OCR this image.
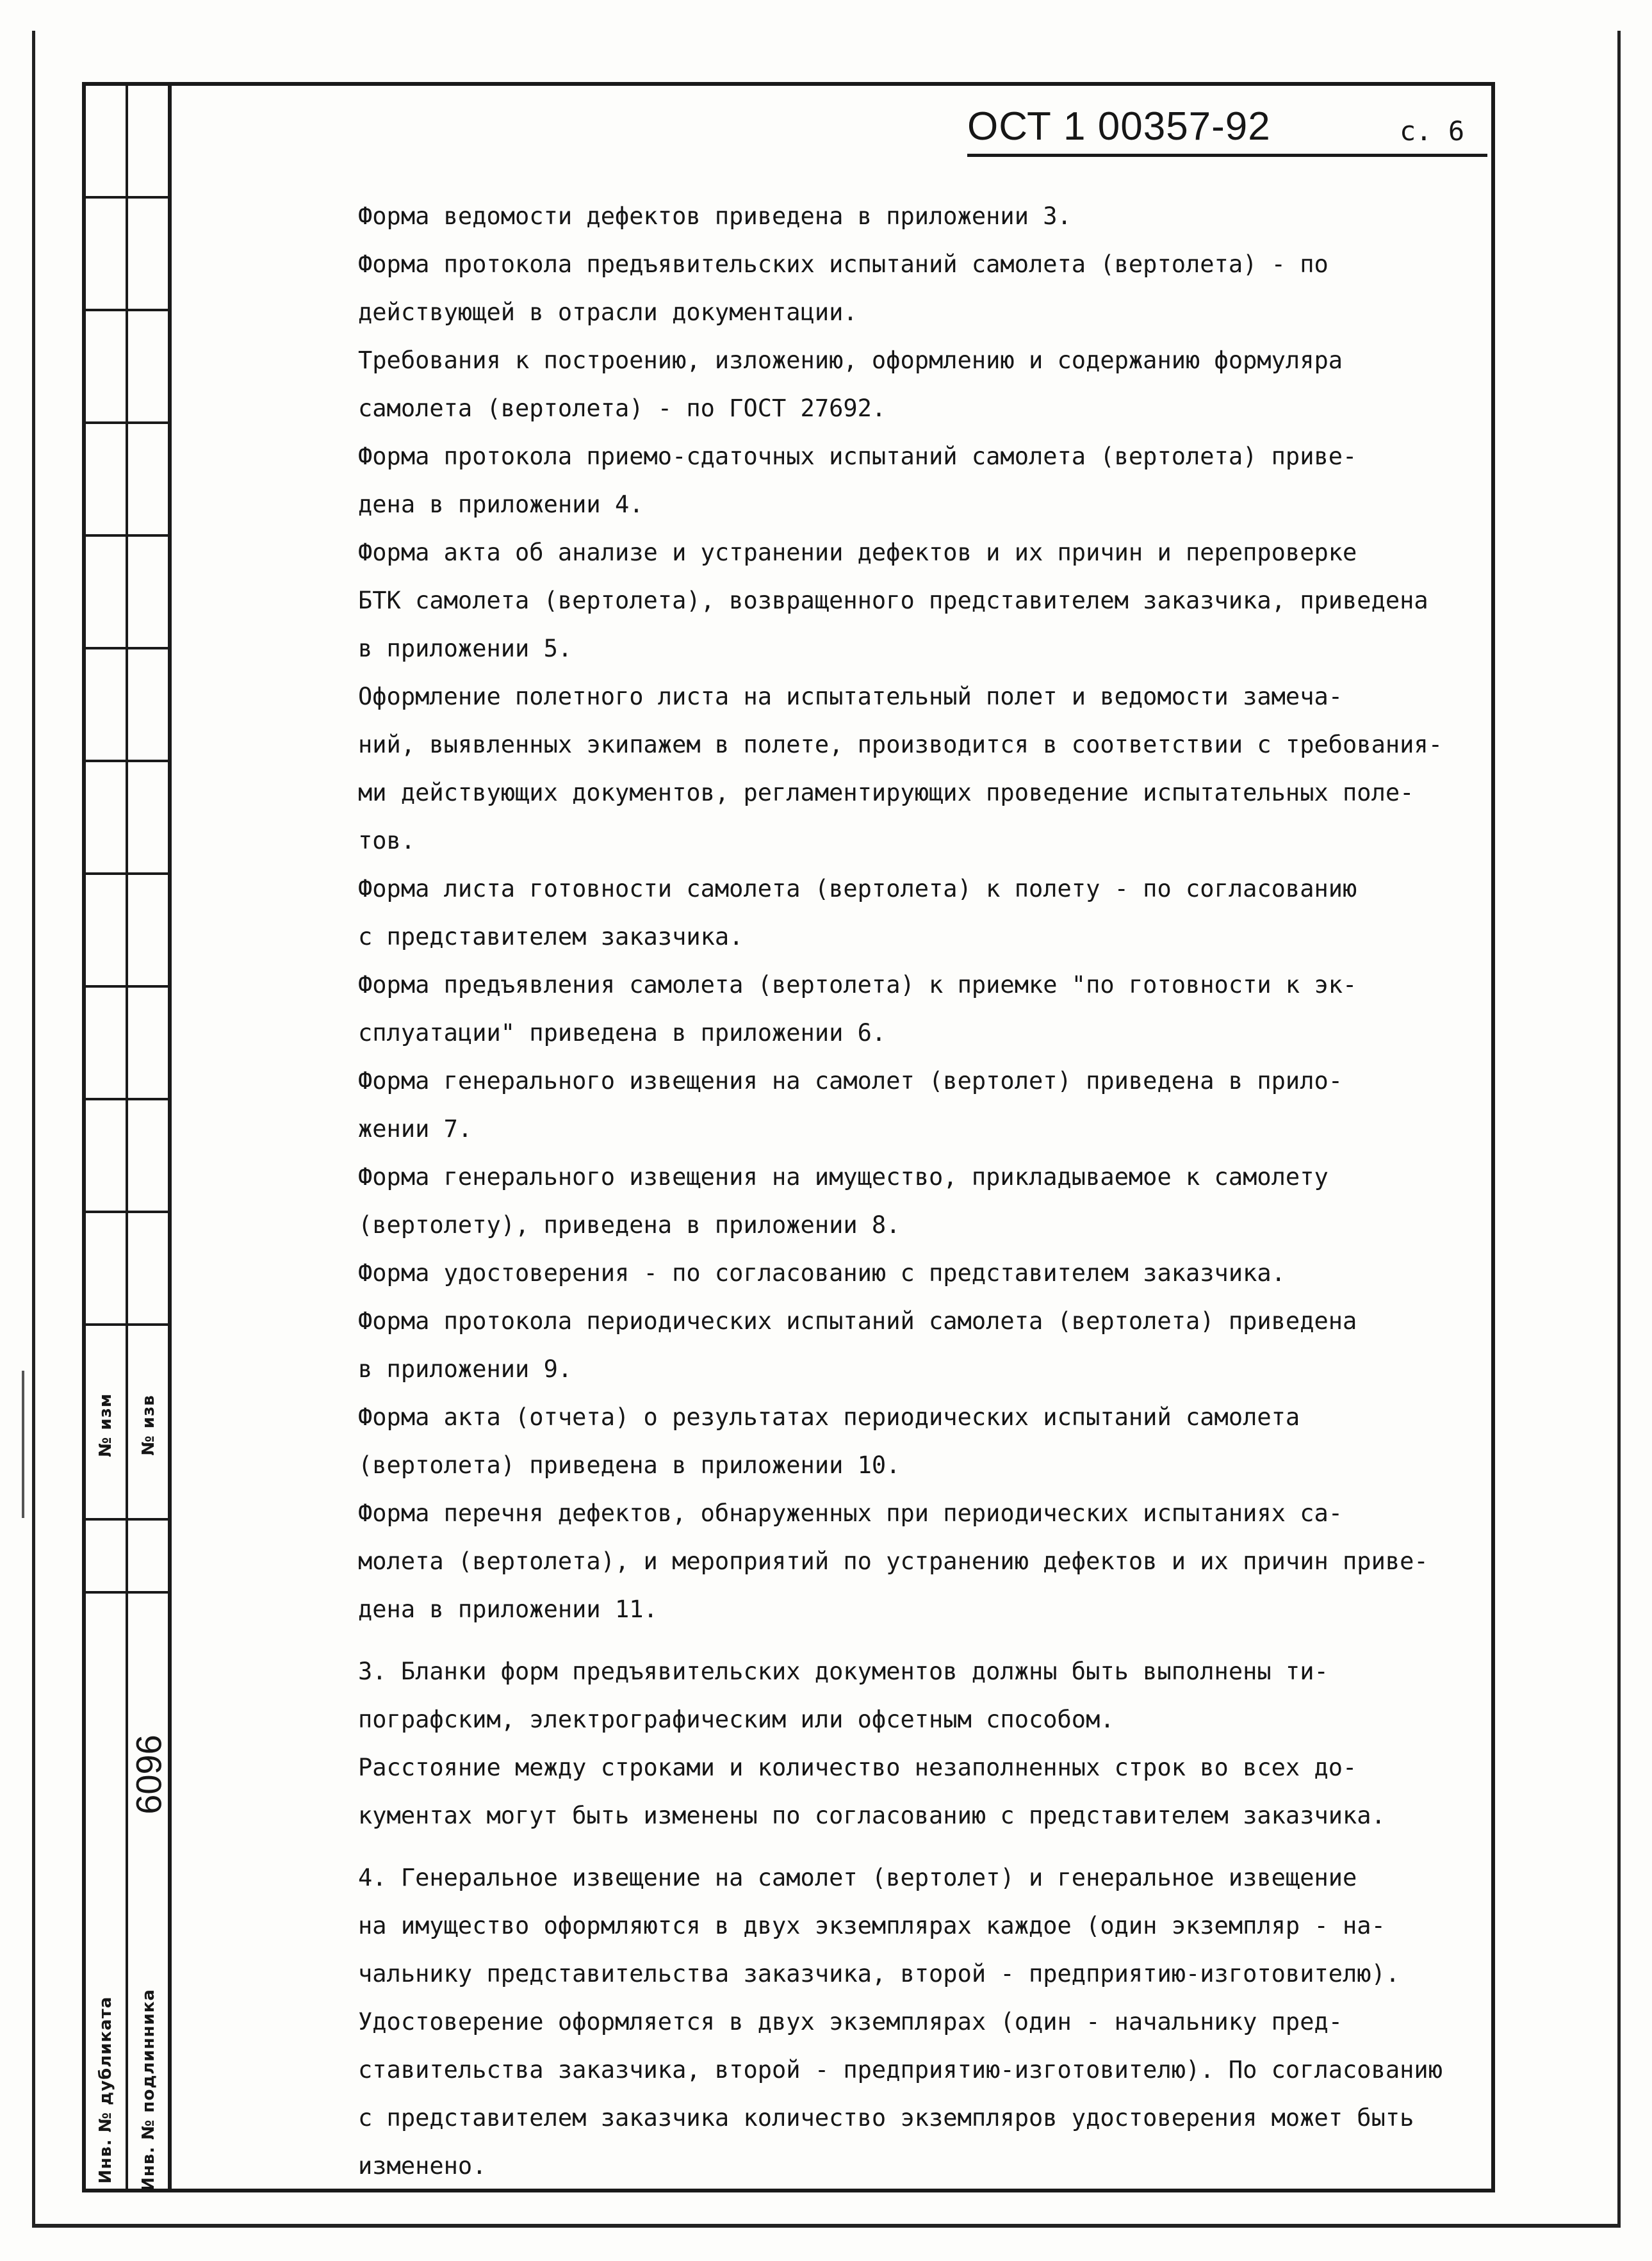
№ изм
Инв. № дубликата
№ изв
6096
Инв. № подлинника
ОСТ 1 00357-92	с. 6

Форма ведомости дефектов приведена в приложении 3.

Форма протокола предъявительских испытаний самолета (вертолета) - по
действующей в отрасли документации.

Требования к построению, изложению, оформлению и содержанию формуляра
самолета (вертолета) - по ГОСТ 27692.

Форма протокола приемо-сдаточных испытаний самолета (вертолета) приве-
дена в приложении 4.

Форма акта об анализе и устранении дефектов и их причин и перепроверке
БТК самолета (вертолета), возвращенного представителем заказчика, приведена
в приложении 5.

Оформление полетного листа на испытательный полет и ведомости замеча-
ний, выявленных экипажем в полете, производится в соответствии с требования-
ми действующих документов, регламентирующих проведение испытательных поле-
тов.

Форма листа готовности самолета (вертолета) к полету - по согласованию
с представителем заказчика.

Форма предъявления самолета (вертолета) к приемке "по готовности к эк-
сплуатации" приведена в приложении 6.

Форма генерального извещения на самолет (вертолет) приведена в прило-
жении 7.

Форма генерального извещения на имущество, прикладываемое к самолету
(вертолету), приведена в приложении 8.

Форма удостоверения - по согласованию с представителем заказчика.

Форма протокола периодических испытаний самолета (вертолета) приведена
в приложении 9.

Форма акта (отчета) о результатах периодических испытаний самолета
(вертолета) приведена в приложении 10.

Форма перечня дефектов, обнаруженных при периодических испытаниях са-
молета (вертолета), и мероприятий по устранению дефектов и их причин приве-
дена в приложении 11.

3. Бланки форм предъявительских документов должны быть выполнены ти-
пографским, электрографическим или офсетным способом.

Расстояние между строками и количество незаполненных строк во всех до-
кументах могут быть изменены по согласованию с представителем заказчика.

4. Генеральное извещение на самолет (вертолет) и генеральное извещение
на имущество оформляются в двух экземплярах каждое (один экземпляр - на-
чальнику представительства заказчика, второй - предприятию-изготовителю).

Удостоверение оформляется в двух экземплярах (один - начальнику пред-
ставительства заказчика, второй - предприятию-изготовителю). По согласованию
с представителем заказчика количество экземпляров удостоверения может быть
изменено.
